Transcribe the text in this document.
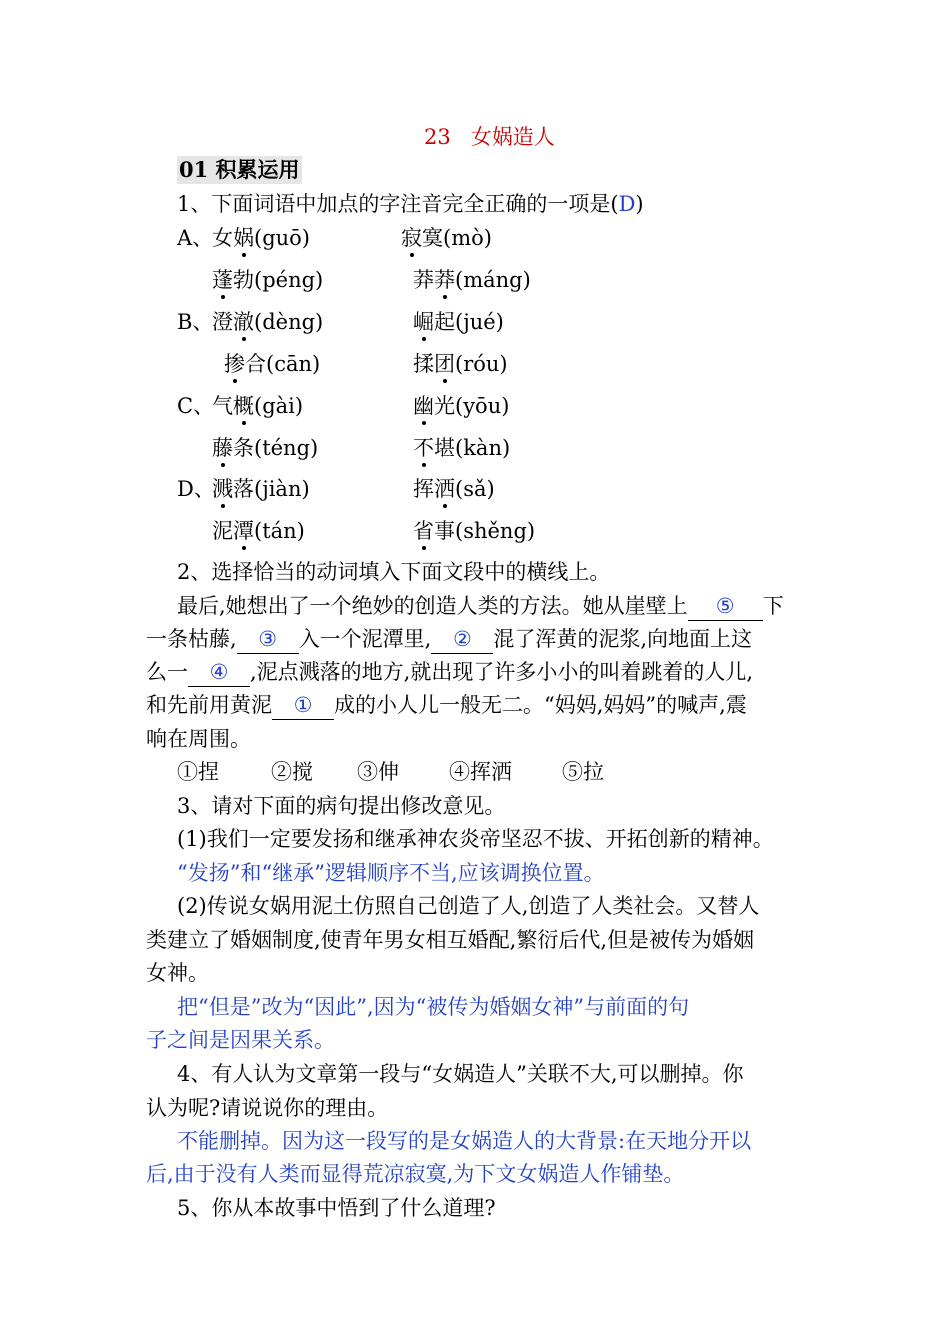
23 女娲造人
01 积累运用
1、下面词语中加点的字注音完全正确的一项是(D)
A、
女娲(guō)	寂寞(mò)
蓬勃(péng)	莽莽(máng)
B、
澄澈(dèng)	崛起(jué)
掺合(cān)	揉团(róu)
C、
气概(gài)	幽光(yōu)
藤条(téng)	不堪(kàn)
D、
溅落(jiàn)	挥洒(sǎ)
泥潭(tán)	省事(shěng)
2、选择恰当的动词填入下面文段中的横线上。
最后,她想出了一个绝妙的创造人类的方法。她从崖壁上 ⑤ 下
一条枯藤, ③ 入一个泥潭里, ② 混了浑黄的泥浆,向地面上这
么一 ④ ,泥点溅落的地方,就出现了许多小小的叫着跳着的人儿,
和先前用黄泥 ① 成的小人儿一般无二。“妈妈,妈妈”的喊声,震
响在周围。
①捏 ②搅 ③伸 ④挥洒 ⑤拉
3、请对下面的病句提出修改意见。
(1)我们一定要发扬和继承神农炎帝坚忍不拔、开拓创新的精神。
“发扬”和“继承”逻辑顺序不当,应该调换位置。
(2)传说女娲用泥土仿照自己创造了人,创造了人类社会。又替人
类建立了婚姻制度,使青年男女相互婚配,繁衍后代,但是被传为婚姻
女神。
把“但是”改为“因此”,因为“被传为婚姻女神”与前面的句
子之间是因果关系。
4、有人认为文章第一段与“女娲造人”关联不大,可以删掉。你
认为呢?请说说你的理由。
不能删掉。因为这一段写的是女娲造人的大背景:在天地分开以
后,由于没有人类而显得荒凉寂寞,为下文女娲造人作铺垫。
5、你从本故事中悟到了什么道理?
